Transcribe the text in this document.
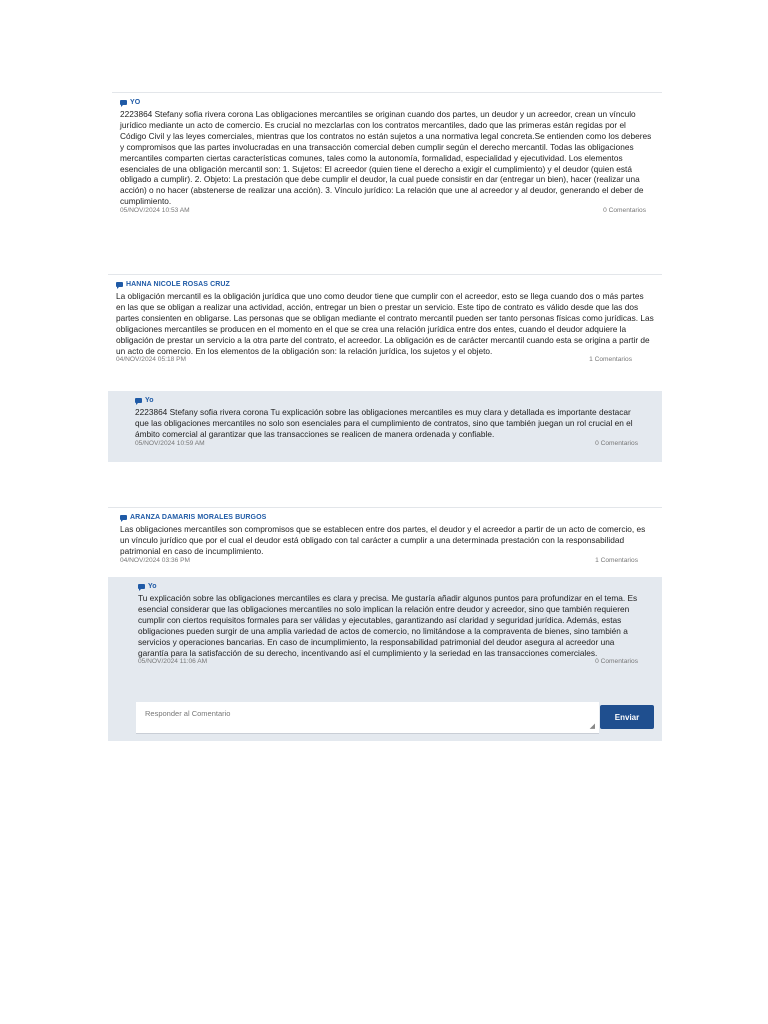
YO
2223864 Stefany sofia rivera corona Las obligaciones mercantiles se originan cuando dos partes, un deudor y un acreedor, crean un vínculo jurídico mediante un acto de comercio. Es crucial no mezclarlas con los contratos mercantiles, dado que las primeras están regidas por el Código Civil y las leyes comerciales, mientras que los contratos no están sujetos a una normativa legal concreta.Se entienden como los deberes y compromisos que las partes involucradas en una transacción comercial deben cumplir según el derecho mercantil. Todas las obligaciones mercantiles comparten ciertas características comunes, tales como la autonomía, formalidad, especialidad y ejecutividad. Los elementos esenciales de una obligación mercantil son: 1. Sujetos: El acreedor (quien tiene el derecho a exigir el cumplimiento) y el deudor (quien está obligado a cumplir). 2. Objeto: La prestación que debe cumplir el deudor, la cual puede consistir en dar (entregar un bien), hacer (realizar una acción) o no hacer (abstenerse de realizar una acción). 3. Vínculo jurídico: La relación que une al acreedor y al deudor, generando el deber de cumplimiento.
05/NOV/2024 10:53 AM	0 Comentarios
HANNA NICOLE ROSAS CRUZ
La obligación mercantil es la obligación jurídica que uno como deudor tiene que cumplir con el acreedor, esto se llega cuando dos o más partes en las que se obligan a realizar una actividad, acción, entregar un bien o prestar un servicio. Este tipo de contrato es válido desde que las dos partes consienten en obligarse. Las personas que se obligan mediante el contrato mercantil pueden ser tanto personas físicas como jurídicas. Las obligaciones mercantiles se producen en el momento en el que se crea una relación jurídica entre dos entes, cuando el deudor adquiere la obligación de prestar un servicio a la otra parte del contrato, el acreedor. La obligación es de carácter mercantil cuando esta se origina a partir de un acto de comercio. En los elementos de la obligación son: la relación jurídica, los sujetos y el objeto.
04/NOV/2024 05:18 PM	1 Comentarios
Yo
2223864 Stefany sofia rivera corona Tu explicación sobre las obligaciones mercantiles es muy clara y detallada es importante destacar que las obligaciones mercantiles no solo son esenciales para el cumplimiento de contratos, sino que también juegan un rol crucial en el ámbito comercial al garantizar que las transacciones se realicen de manera ordenada y confiable.
05/NOV/2024 10:59 AM	0 Comentarios
ARANZA DAMARIS MORALES BURGOS
Las obligaciones mercantiles son compromisos que se establecen entre dos partes, el deudor y el acreedor a partir de un acto de comercio, es un vínculo jurídico que por el cual el deudor está obligado con tal carácter a cumplir a una determinada prestación con la responsabilidad patrimonial en caso de incumplimiento.
04/NOV/2024 03:36 PM	1 Comentarios
Yo
Tu explicación sobre las obligaciones mercantiles es clara y precisa. Me gustaría añadir algunos puntos para profundizar en el tema. Es esencial considerar que las obligaciones mercantiles no solo implican la relación entre deudor y acreedor, sino que también requieren cumplir con ciertos requisitos formales para ser válidas y ejecutables, garantizando así claridad y seguridad jurídica. Además, estas obligaciones pueden surgir de una amplia variedad de actos de comercio, no limitándose a la compraventa de bienes, sino también a servicios y operaciones bancarias. En caso de incumplimiento, la responsabilidad patrimonial del deudor asegura al acreedor una garantía para la satisfacción de su derecho, incentivando así el cumplimiento y la seriedad en las transacciones comerciales.
05/NOV/2024 11:06 AM	0 Comentarios
Responder al Comentario
◢
Enviar
